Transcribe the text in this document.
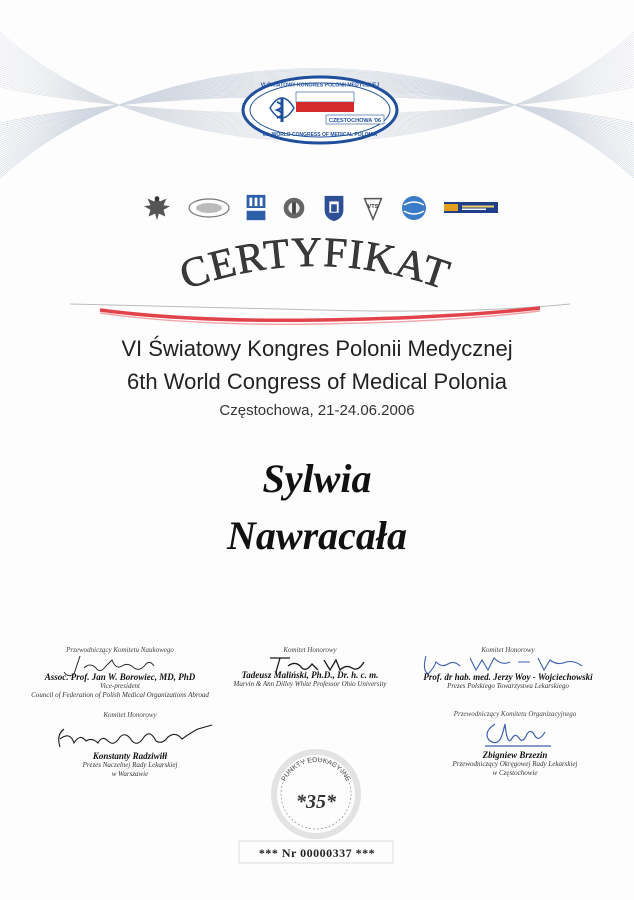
VI ŚWIATOWY KONGRES POLONII MEDYCZNEJ
CZĘSTOCHOWA '06
6th WORLD CONGRESS OF MEDICAL POLONIA
VTS
CERTYFIKAT
VI Światowy Kongres Polonii Medycznej
6th World Congress of Medical Polonia
Częstochowa, 21-24.06.2006
Sylwia
Nawracała
Przewodniczący Komitetu Naukowego
Assoc. Prof. Jan W. Borowiec, MD, PhD
Vice-president
Council of Federation of Polish Medical Organizations Abroad
Komitet Honorowy
Tadeusz Maliński, Ph.D., Dr. h. c. m.
Marvin & Ann Dilley White Professor Ohio University
Komitet Honorowy
Prof. dr hab. med. Jerzy Woy - Wojciechowski
Prezes Polskiego Towarzystwa Lekarskiego
Komitet Honorowy
Konstanty Radziwiłł
Prezes Naczelnej Rady Lekarskiej
w Warszawie
Przewodniczący Komitetu Organizacyjnego
Zbigniew Brzezin
Przewodniczący Okręgowej Rady Lekarskiej
w Częstochowie
PUNKTY EDUKACYJNE
*35*
*** Nr 00000337 ***
